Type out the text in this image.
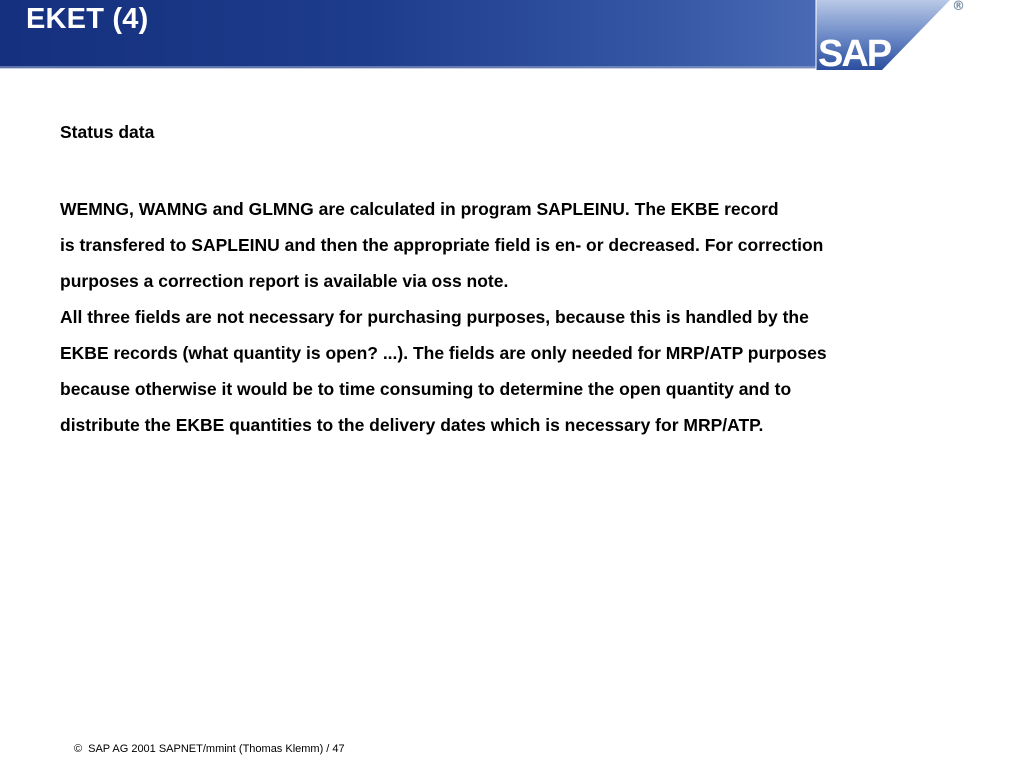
EKET (4)
SAP
®

Status data

WEMNG, WAMNG and GLMNG are calculated in program SAPLEINU. The EKBE record
is transfered to SAPLEINU and then the appropriate field is en- or decreased. For correction
purposes a correction report is available via oss note.

All three fields are not necessary for purchasing purposes, because this is handled by the
EKBE records (what quantity is open? ...). The fields are only needed for MRP/ATP purposes
because otherwise it would be to time consuming to determine the open quantity and to
distribute the EKBE quantities to the delivery dates which is necessary for MRP/ATP.

© SAP AG 2001 SAPNET/mmint (Thomas Klemm) / 47
